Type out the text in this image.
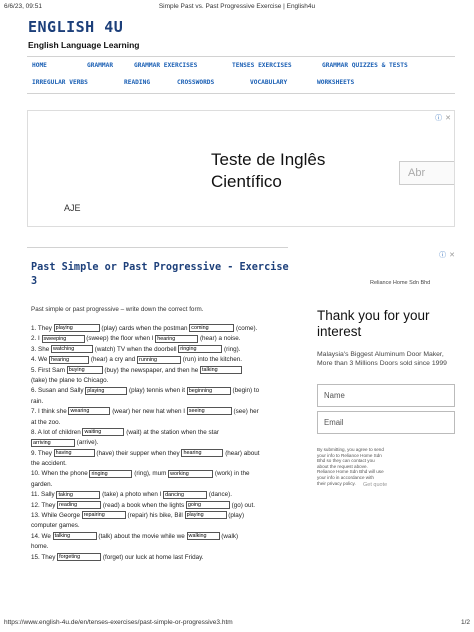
6/6/23, 09:51	Simple Past vs. Past Progressive Exercise | English4u
ENGLISH 4U
English Language Learning
HOME	GRAMMAR	GRAMMAR EXERCISES	TENSES EXERCISES	GRAMMAR QUIZZES & TESTS
IRREGULAR VERBS	READING	CROSSWORDS	VOCABULARY	WORKSHEETS
ⓘ ✕
Teste de Inglês
Científico	Abr
AJE
Past Simple or Past Progressive - Exercise 3
Past simple or past progressive – write down the correct form.
1. They playing	(play) cards when the postman coming	(come).
2. I sweeping	(sweep) the floor when I hearing	(hear) a noise.
3. She watching	(watch) TV when the doorbell ringing	(ring).
4. We hearing	(hear) a cry and running	(run) into the kitchen.
5. First Sam buying	(buy) the newspaper, and then he talking
(take) the plane to Chicago.
6. Susan and Sally playing	(play) tennis when it beginning	(begin) to
rain.
7. I think she wearing	(wear) her new hat when I seeing	(see) her
at the zoo.
8. A lot of children waiting	(wait) at the station when the star
arriving	(arrive).
9. They having	(have) their supper when they hearing	(hear) about
the accident.
10. When the phone ringing	(ring), mum working	(work) in the
garden.
11. Sally taking	(take) a photo when I dancing	(dance).
12. They reading	(read) a book when the lights going	(go) out.
13. While George repairing	(repair) his bike, Bill playing	(play)
computer games.
14. We talking	(talk) about the movie while we walking (walk)
home.
15. They forgeting	(forget) our luck at home last Friday.
ⓘ ✕
Reliance Home Sdn Bhd
Thank you for your interest
Malaysia's Biggest Aluminum Door Maker, More than 3 Millions Doors sold since 1999
Name
Email
By submitting, you agree to send your info to Reliance Home Sdn Bhd so they can contact you about the request above. Reliance Home Sdn Bhd will use your info in accordance with their privacy policy.	Get quote
https://www.english-4u.de/en/tenses-exercises/past-simple-or-progressive3.htm	1/2
